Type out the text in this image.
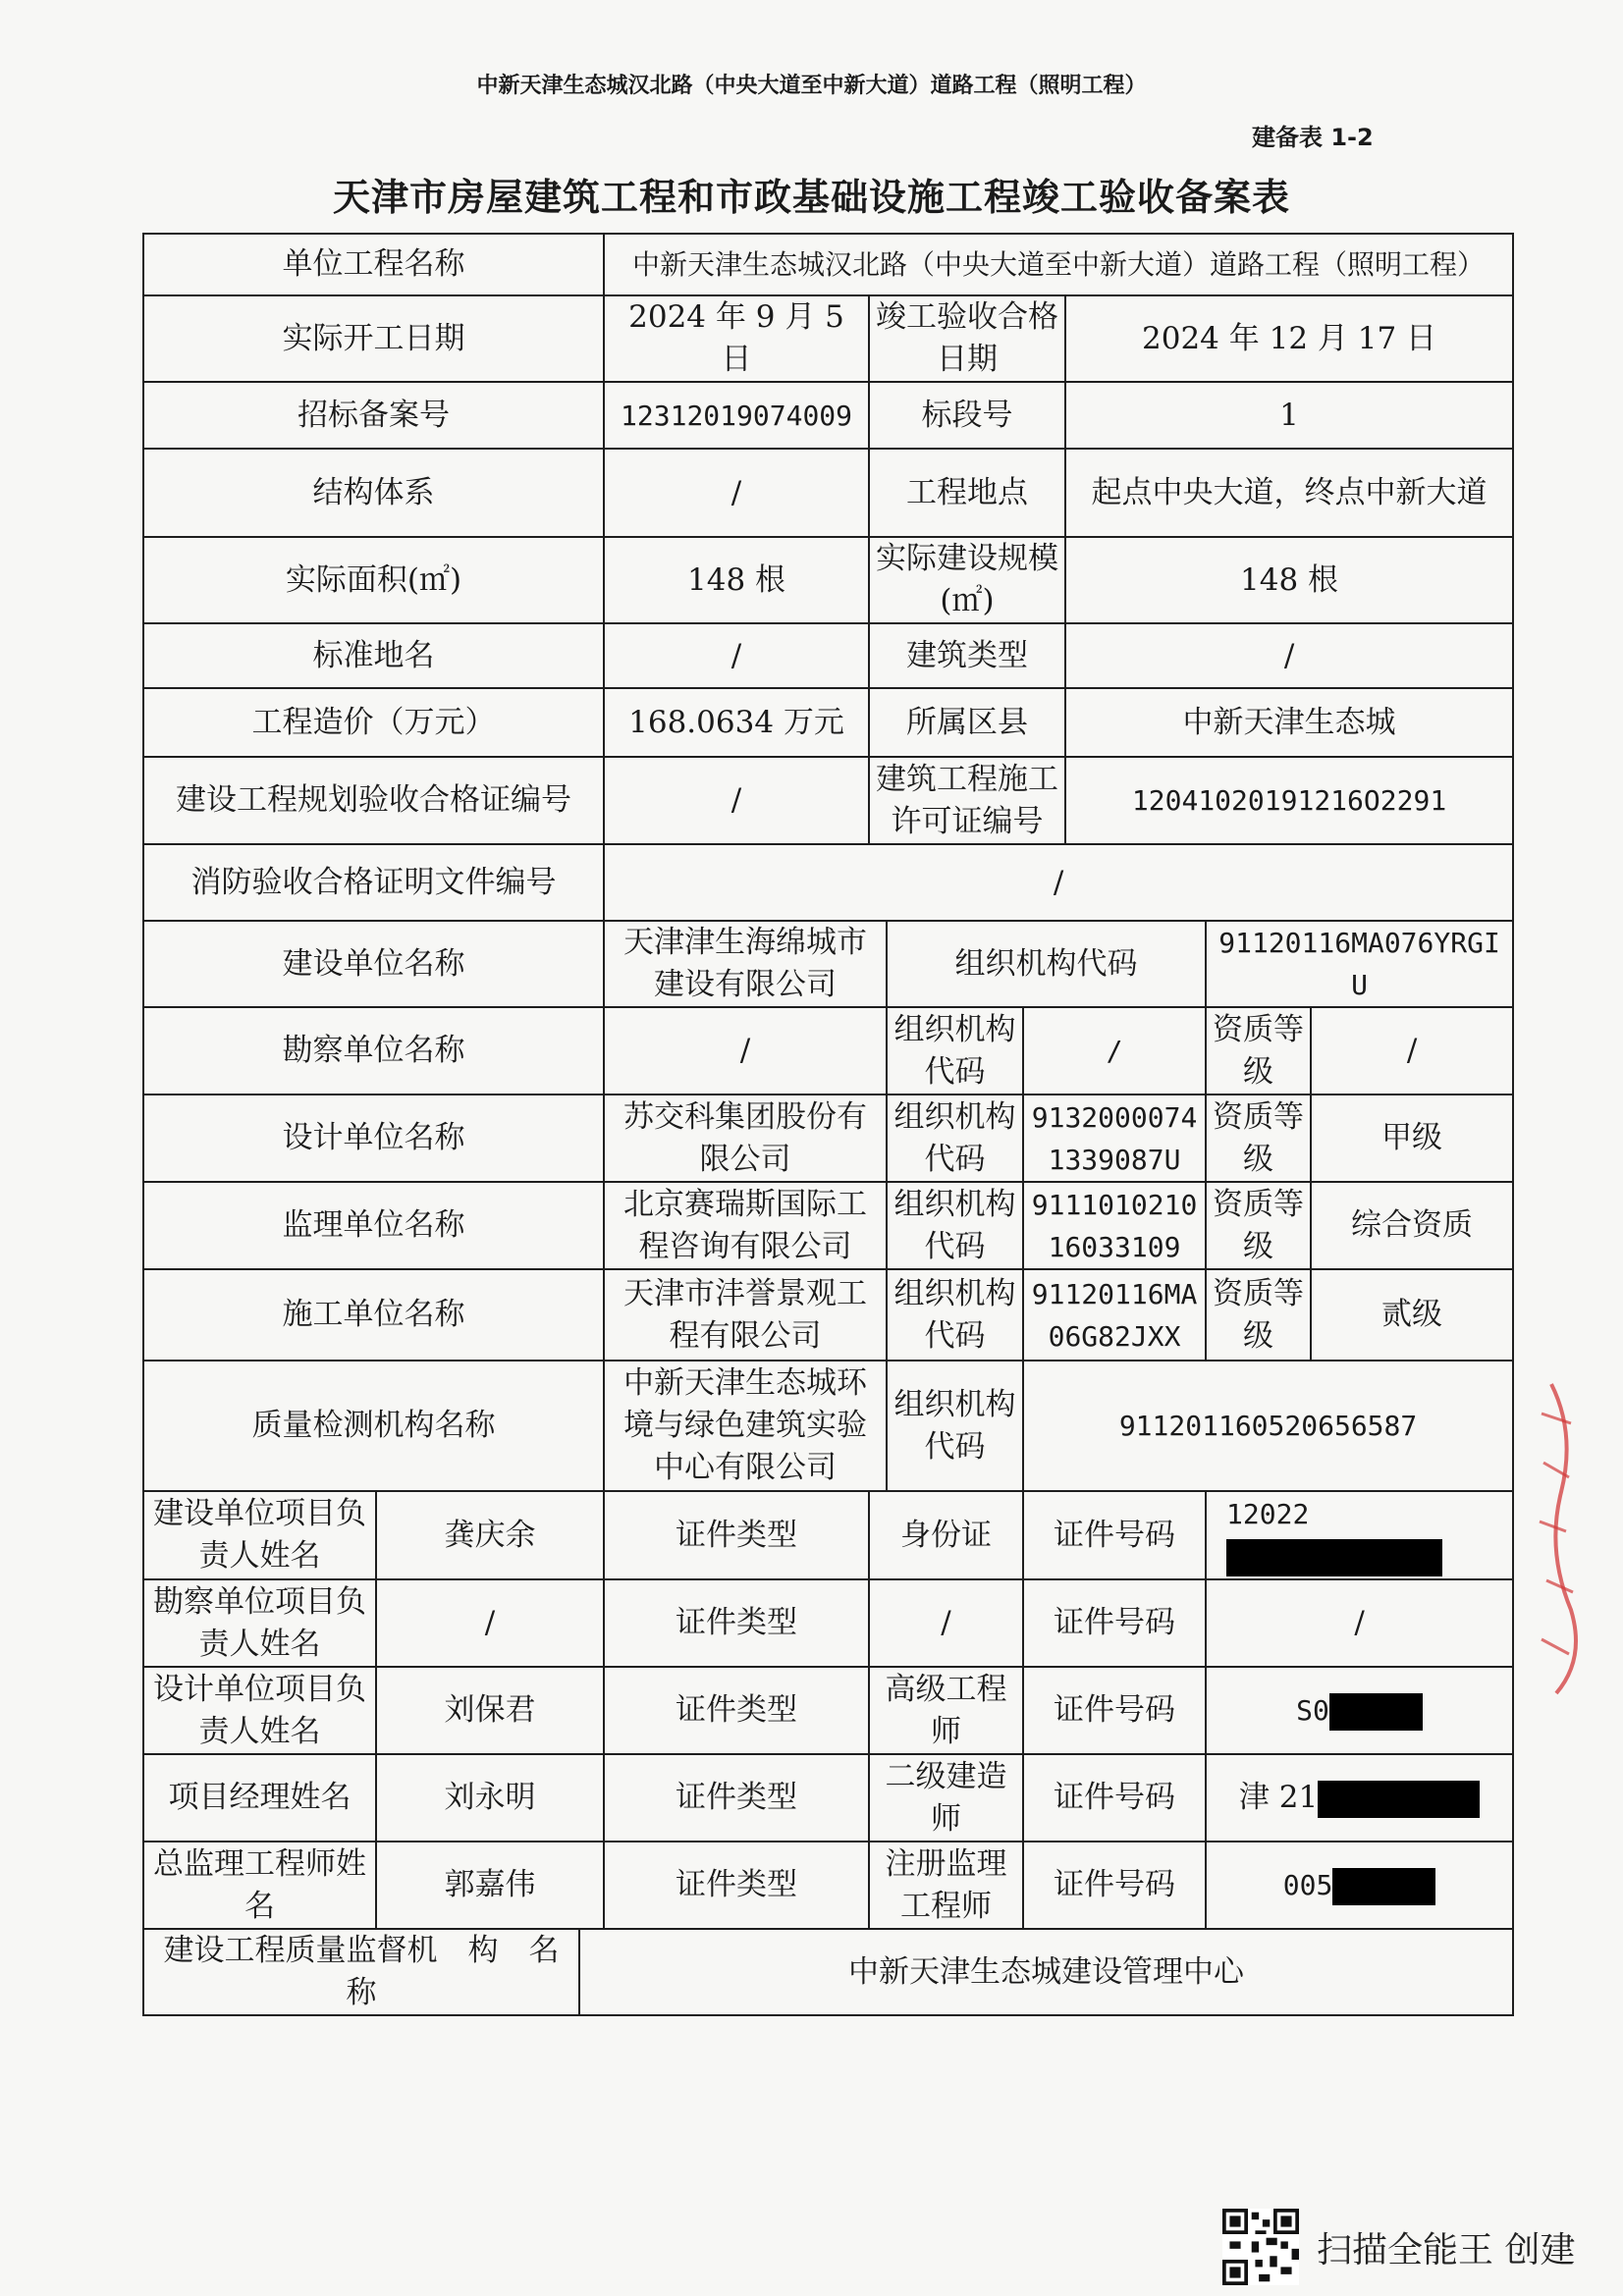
中新天津生态城汉北路（中央大道至中新大道）道路工程（照明工程）
建备表 1-2
天津市房屋建筑工程和市政基础设施工程竣工验收备案表
单位工程名称			中新天津生态城汉北路（中央大道至中新大道）道路工程（照明工程）						
实际开工日期			2024 年 9 月 5 日	竣工验收合格日期			2024 年 12 月 17 日		
招标备案号			12312019074009	标段号			1		
结构体系			/	工程地点			起点中央大道，终点中新大道		
实际面积(㎡)			148 根	实际建设规模(㎡)			148 根		
标准地名			/	建筑类型			/		
工程造价（万元）			168.0634 万元	所属区县			中新天津生态城		
建设工程规划验收合格证编号			/	建筑工程施工许可证编号			12041020191216O2291		
消防验收合格证明文件编号			/						
建设单位名称			天津津生海绵城市建设有限公司		组织机构代码			91120116MA076YRGIU	
勘察单位名称			/		组织机构代码	/		资质等级	/
设计单位名称			苏交科集团股份有限公司		组织机构代码	91320000741339087U		资质等级	甲级
监理单位名称			北京赛瑞斯国际工程咨询有限公司		组织机构代码	911101021016033109		资质等级	综合资质
施工单位名称			天津市沣誉景观工程有限公司		组织机构代码	91120116MA06G82JXX		资质等级	贰级
质量检测机构名称			中新天津生态城环境与绿色建筑实验中心有限公司		组织机构代码	911201160520656587			
建设单位项目负责人姓名	龚庆余		证件类型	身份证		证件号码		12022	
勘察单位项目负责人姓名	/		证件类型	/		证件号码		/	
设计单位项目负责人姓名	刘保君		证件类型	高级工程师		证件号码		S0	
项目经理姓名	刘永明		证件类型	二级建造师		证件号码		津 21	
总监理工程师姓名	郭嘉伟		证件类型	注册监理工程师		证件号码		005	
建设工程质量监督机　构　名　称		中新天津生态城建设管理中心							
扫描全能王 创建
